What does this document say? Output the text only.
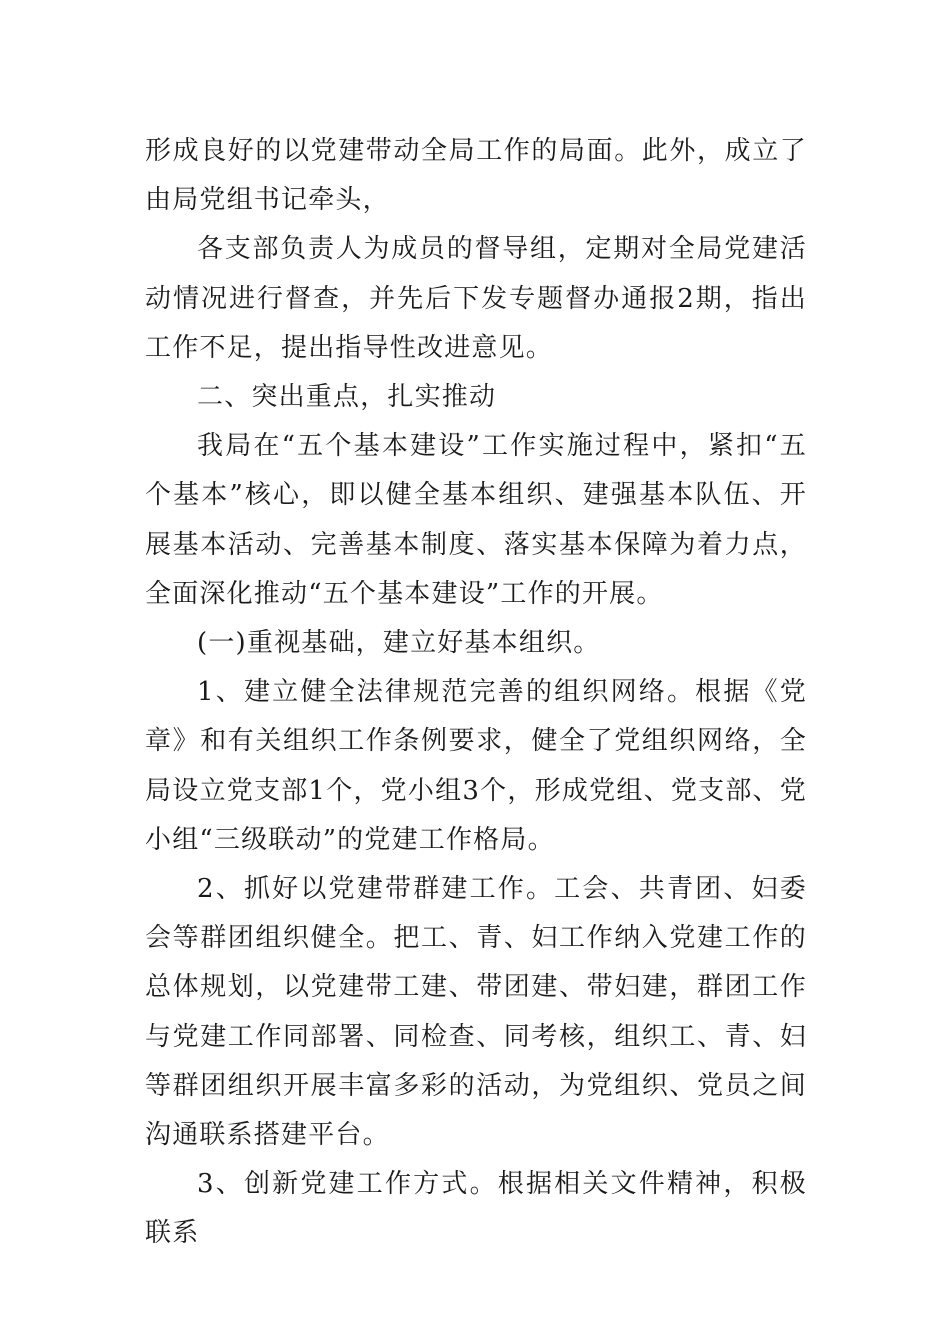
形成良好的以党建带动全局工作的局面。此外，成立了由局党组书记牵头，

各支部负责人为成员的督导组，定期对全局党建活动情况进行督查，并先后下发专题督办通报2期，指出工作不足，提出指导性改进意见。

二、突出重点，扎实推动

我局在“五个基本建设”工作实施过程中，紧扣“五个基本”核心，即以健全基本组织、建强基本队伍、开展基本活动、完善基本制度、落实基本保障为着力点，全面深化推动“五个基本建设”工作的开展。

(一)重视基础，建立好基本组织。

1、建立健全法律规范完善的组织网络。根据《党章》和有关组织工作条例要求，健全了党组织网络，全局设立党支部1个，党小组3个，形成党组、党支部、党小组“三级联动”的党建工作格局。

2、抓好以党建带群建工作。工会、共青团、妇委会等群团组织健全。把工、青、妇工作纳入党建工作的总体规划，以党建带工建、带团建、带妇建，群团工作与党建工作同部署、同检查、同考核，组织工、青、妇等群团组织开展丰富多彩的活动，为党组织、党员之间沟通联系搭建平台。

3、创新党建工作方式。根据相关文件精神，积极联系
